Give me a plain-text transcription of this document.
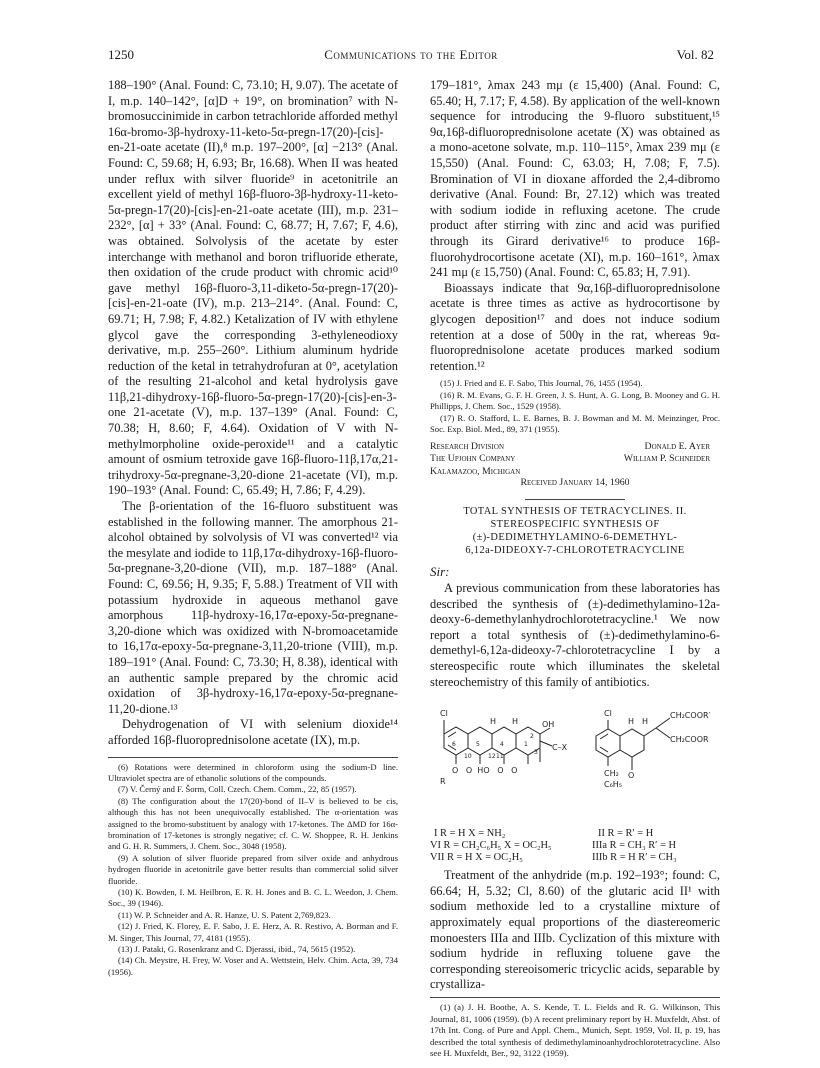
1250	Communications to the Editor	Vol. 82

188–190° (Anal. Found: C, 73.10; H, 9.07). The acetate of I, m.p. 140–142°, [α]D + 19°, on bromination⁷ with N-bromosuccinimide in carbon tetrachloride afforded methyl 16α-bromo-3β-hydroxy-11-keto-5α-pregn-17(20)-[cis]-en-21-oate acetate (II),⁸ m.p. 197–200°, [α] −213° (Anal. Found: C, 59.68; H, 6.93; Br, 16.68). When II was heated under reflux with silver fluoride⁹ in acetonitrile an excellent yield of methyl 16β-fluoro-3β-hydroxy-11-keto-5α-pregn-17(20)-[cis]-en-21-oate acetate (III), m.p. 231–232°, [α] + 33° (Anal. Found: C, 68.77; H, 7.67; F, 4.6), was obtained. Solvolysis of the acetate by ester interchange with methanol and boron trifluoride etherate, then oxidation of the crude product with chromic acid¹⁰ gave methyl 16β-fluoro-3,11-diketo-5α-pregn-17(20)-[cis]-en-21-oate (IV), m.p. 213–214°. (Anal. Found: C, 69.71; H, 7.98; F, 4.82.) Ketalization of IV with ethylene glycol gave the corresponding 3-ethyleneodioxy derivative, m.p. 255–260°. Lithium aluminum hydride reduction of the ketal in tetrahydrofuran at 0°, acetylation of the resulting 21-alcohol and ketal hydrolysis gave 11β,21-dihydroxy-16β-fluoro-5α-pregn-17(20)-[cis]-en-3-one 21-acetate (V), m.p. 137–139° (Anal. Found: C, 70.38; H, 8.60; F, 4.64). Oxidation of V with N-methylmorpholine oxide-peroxide¹¹ and a catalytic amount of osmium tetroxide gave 16β-fluoro-11β,17α,21-trihydroxy-5α-pregnane-3,20-dione 21-acetate (VI), m.p. 190–193° (Anal. Found: C, 65.49; H, 7.86; F, 4.29).

The β-orientation of the 16-fluoro substituent was established in the following manner. The amorphous 21-alcohol obtained by solvolysis of VI was converted¹² via the mesylate and iodide to 11β,17α-dihydroxy-16β-fluoro-5α-pregnane-3,20-dione (VII), m.p. 187–188° (Anal. Found: C, 69.56; H, 9.35; F, 5.88.) Treatment of VII with potassium hydroxide in aqueous methanol gave amorphous 11β-hydroxy-16,17α-epoxy-5α-pregnane-3,20-dione which was oxidized with N-bromoacetamide to 16,17α-epoxy-5α-pregnane-3,11,20-trione (VIII), m.p. 189–191° (Anal. Found: C, 73.30; H, 8.38), identical with an authentic sample prepared by the chromic acid oxidation of 3β-hydroxy-16,17α-epoxy-5α-pregnane-11,20-dione.¹³

Dehydrogenation of VI with selenium dioxide¹⁴ afforded 16β-fluoroprednisolone acetate (IX), m.p.

(6) Rotations were determined in chloroform using the sodium-D line. Ultraviolet spectra are of ethanolic solutions of the compounds.
(7) V. Černý and F. Šorm, Coll. Czech. Chem. Comm., 22, 85 (1957).
(8) The configuration about the 17(20)-bond of II–V is believed to be cis, although this has not been unequivocally established. The α-orientation was assigned to the bromo-substituent by analogy with 17-ketones. The ΔMD for 16α-bromination of 17-ketones is strongly negative; cf. C. W. Shoppee, R. H. Jenkins and G. H. R. Summers, J. Chem. Soc., 3048 (1958).
(9) A solution of silver fluoride prepared from silver oxide and anhydrous hydrogen fluoride in acetonitrile gave better results than commercial solid silver fluoride.
(10) K. Bowden, I. M. Heilbron, E. R. H. Jones and B. C. L. Weedon, J. Chem. Soc., 39 (1946).
(11) W. P. Schneider and A. R. Hanze, U. S. Patent 2,769,823.
(12) J. Fried, K. Florey, E. F. Sabo, J. E. Herz, A. R. Restivo, A. Borman and F. M. Singer, This Journal, 77, 4181 (1955).
(13) J. Pataki, G. Rosenkranz and C. Djerassi, ibid., 74, 5615 (1952).
(14) Ch. Meystre, H. Frey, W. Voser and A. Wettstein, Helv. Chim. Acta, 39, 734 (1956).

179–181°, λmax 243 mμ (ε 15,400) (Anal. Found: C, 65.40; H, 7.17; F, 4.58). By application of the well-known sequence for introducing the 9-fluoro substituent,¹⁵ 9α,16β-difluoroprednisolone acetate (X) was obtained as a mono-acetone solvate, m.p. 110–115°, λmax 239 mμ (ε 15,550) (Anal. Found: C, 63.03; H, 7.08; F, 7.5). Bromination of VI in dioxane afforded the 2,4-dibromo derivative (Anal. Found: Br, 27.12) which was treated with sodium iodide in refluxing acetone. The crude product after stirring with zinc and acid was purified through its Girard derivative¹⁶ to produce 16β-fluorohydrocortisone acetate (XI), m.p. 160–161°, λmax 241 mμ (ε 15,750) (Anal. Found: C, 65.83; H, 7.91).

Bioassays indicate that 9α,16β-difluoroprednisolone acetate is three times as active as hydrocortisone by glycogen deposition¹⁷ and does not induce sodium retention at a dose of 500γ in the rat, whereas 9α-fluoroprednisolone acetate produces marked sodium retention.¹²

(15) J. Fried and E. F. Sabo, This Journal, 76, 1455 (1954).
(16) R. M. Evans, G. F. H. Green, J. S. Hunt, A. G. Long, B. Mooney and G. H. Phillipps, J. Chem. Soc., 1529 (1958).
(17) R. O. Stafford, L. E. Barnes, B. J. Bowman and M. M. Meinzinger, Proc. Soc. Exp. Biol. Med., 89, 371 (1955).
Research Division
The Upjohn Company
Kalamazoo, Michigan
Donald E. Ayer
William P. Schneider
Received January 14, 1960
TOTAL SYNTHESIS OF TETRACYCLINES. II.
STEREOSPECIFIC SYNTHESIS OF
(±)-DEDIMETHYLAMINO-6-DEMETHYL-
6,12a-DIDEOXY-7-CHLOROTETRACYCLINE
Sir:

A previous communication from these laboratories has described the synthesis of (±)-dedimethylamino-12a-deoxy-6-demethylanhydrochlorotetracycline.¹ We now report a total synthesis of (±)-dedimethylamino-6-demethyl-6,12a-dideoxy-7-chlorotetracycline I by a stereospecific route which illuminates the skeletal stereochemistry of this family of antibiotics.

Cl
H H	OH
C–X
O   O  HO   O   O
R
Cl
H H
CH₂COOR′
CH₂COOR
O
CH₂
C₆H₅
6	5	4
12 11
10
1
2
3
I R = H X = NH₂
VI R = CH₂C₆H₅ X = OC₂H₅
VII R = H X = OC₂H₅
II R = R′ = H
IIIa R = CH₃ R′ = H
IIIb R = H R′ = CH₃

Treatment of the anhydride (m.p. 192–193°; found: C, 66.64; H, 5.32; Cl, 8.60) of the glutaric acid II¹ with sodium methoxide led to a crystalline mixture of approximately equal proportions of the diastereomeric monoesters IIIa and IIIb. Cyclization of this mixture with sodium hydride in refluxing toluene gave the corresponding stereoisomeric tricyclic acids, separable by crystalliza-

(1) (a) J. H. Boothe, A. S. Kende, T. L. Fields and R. G. Wilkinson, This Journal, 81, 1006 (1959). (b) A recent preliminary report by H. Muxfeldt, Abst. of 17th Int. Cong. of Pure and Appl. Chem., Munich, Sept. 1959, Vol. II, p. 19, has described the total synthesis of dedimethylaminoanhydrochlorotetracycline. Also see H. Muxfeldt, Ber., 92, 3122 (1959).
